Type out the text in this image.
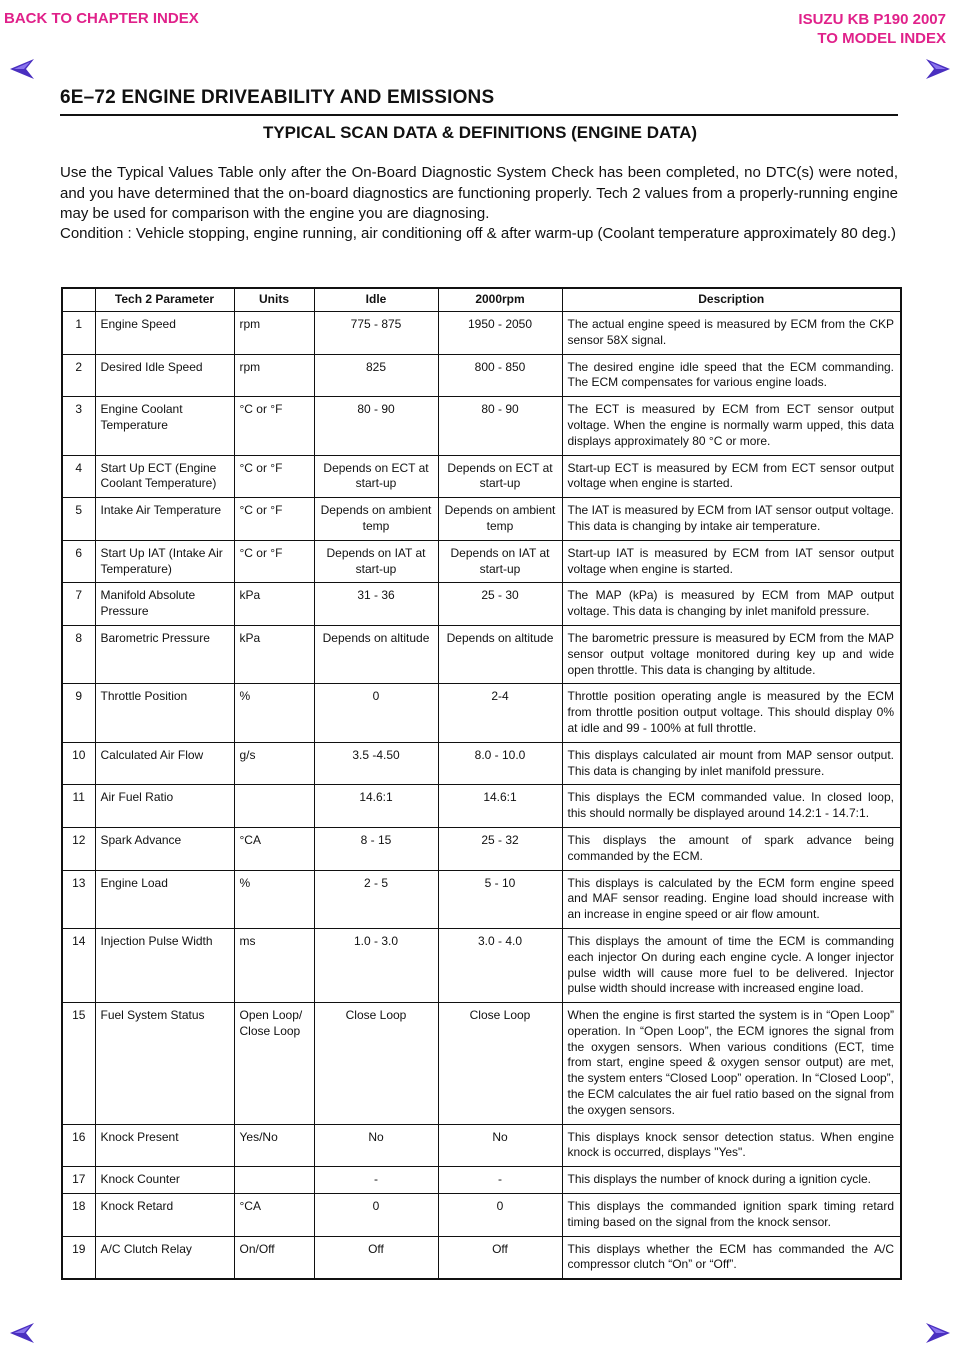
BACK TO CHAPTER INDEX	ISUZU KB P190 2007
TO MODEL INDEX
6E–72 ENGINE DRIVEABILITY AND EMISSIONS
TYPICAL SCAN DATA & DEFINITIONS (ENGINE DATA)
Use the Typical Values Table only after the On-Board Diagnostic System Check has been completed, no DTC(s) were noted, and you have determined that the on-board diagnostics are functioning properly. Tech 2 values from a properly-running engine may be used for comparison with the engine you are diagnosing.
Condition : Vehicle stopping, engine running, air conditioning off & after warm-up (Coolant temperature approximately 80 deg.)
	Tech 2 Parameter	Units	Idle	2000rpm	Description
1	Engine Speed	rpm	775 - 875	1950 - 2050	The actual engine speed is measured by ECM from the CKP sensor 58X signal.
2	Desired Idle Speed	rpm	825	800 - 850	The desired engine idle speed that the ECM commanding. The ECM compensates for various engine loads.
3	Engine Coolant Temperature	°C or °F	80 - 90	80 - 90	The ECT is measured by ECM from ECT sensor output voltage. When the engine is normally warm upped, this data displays approximately 80 °C or more.
4	Start Up ECT (Engine Coolant Temperature)	°C or °F	Depends on ECT at start-up	Depends on ECT at start-up	Start-up ECT is measured by ECM from ECT sensor output voltage when engine is started.
5	Intake Air Temperature	°C or °F	Depends on ambient temp	Depends on ambient temp	The IAT is measured by ECM from IAT sensor output voltage. This data is changing by intake air temperature.
6	Start Up IAT (Intake Air Temperature)	°C or °F	Depends on IAT at start-up	Depends on IAT at start-up	Start-up IAT is measured by ECM from IAT sensor output voltage when engine is started.
7	Manifold Absolute Pressure	kPa	31 - 36	25 - 30	The MAP (kPa) is measured by ECM from MAP output voltage. This data is changing by inlet manifold pressure.
8	Barometric Pressure	kPa	Depends on altitude	Depends on altitude	The barometric pressure is measured by ECM from the MAP sensor output voltage monitored during key up and wide open throttle. This data is changing by altitude.
9	Throttle Position	%	0	2-4	Throttle position operating angle is measured by the ECM from throttle position output voltage. This should display 0% at idle and 99 - 100% at full throttle.
10	Calculated Air Flow	g/s	3.5 -4.50	8.0 - 10.0	This displays calculated air mount from MAP sensor output. This data is changing by inlet manifold pressure.
11	Air Fuel Ratio		14.6:1	14.6:1	This displays the ECM commanded value. In closed loop, this should normally be displayed around 14.2:1 - 14.7:1.
12	Spark Advance	°CA	8 - 15	25 - 32	This displays the amount of spark advance being commanded by the ECM.
13	Engine Load	%	2 - 5	5 - 10	This displays is calculated by the ECM form engine speed and MAF sensor reading. Engine load should increase with an increase in engine speed or air flow amount.
14	Injection Pulse Width	ms	1.0 - 3.0	3.0 - 4.0	This displays the amount of time the ECM is commanding each injector On during each engine cycle. A longer injector pulse width will cause more fuel to be delivered. Injector pulse width should increase with increased engine load.
15	Fuel System Status	Open Loop/ Close Loop	Close Loop	Close Loop	When the engine is first started the system is in “Open Loop” operation. In “Open Loop”, the ECM ignores the signal from the oxygen sensors. When various conditions (ECT, time from start, engine speed & oxygen sensor output) are met, the system enters “Closed Loop” operation. In “Closed Loop”, the ECM calculates the air fuel ratio based on the signal from the oxygen sensors.
16	Knock Present	Yes/No	No	No	This displays knock sensor detection status. When engine knock is occurred, displays "Yes".
17	Knock Counter		-	-	This displays the number of knock during a ignition cycle.
18	Knock Retard	°CA	0	0	This displays the commanded ignition spark timing retard timing based on the signal from the knock sensor.
19	A/C Clutch Relay	On/Off	Off	Off	This displays whether the ECM has commanded the A/C compressor clutch “On” or “Off”.
